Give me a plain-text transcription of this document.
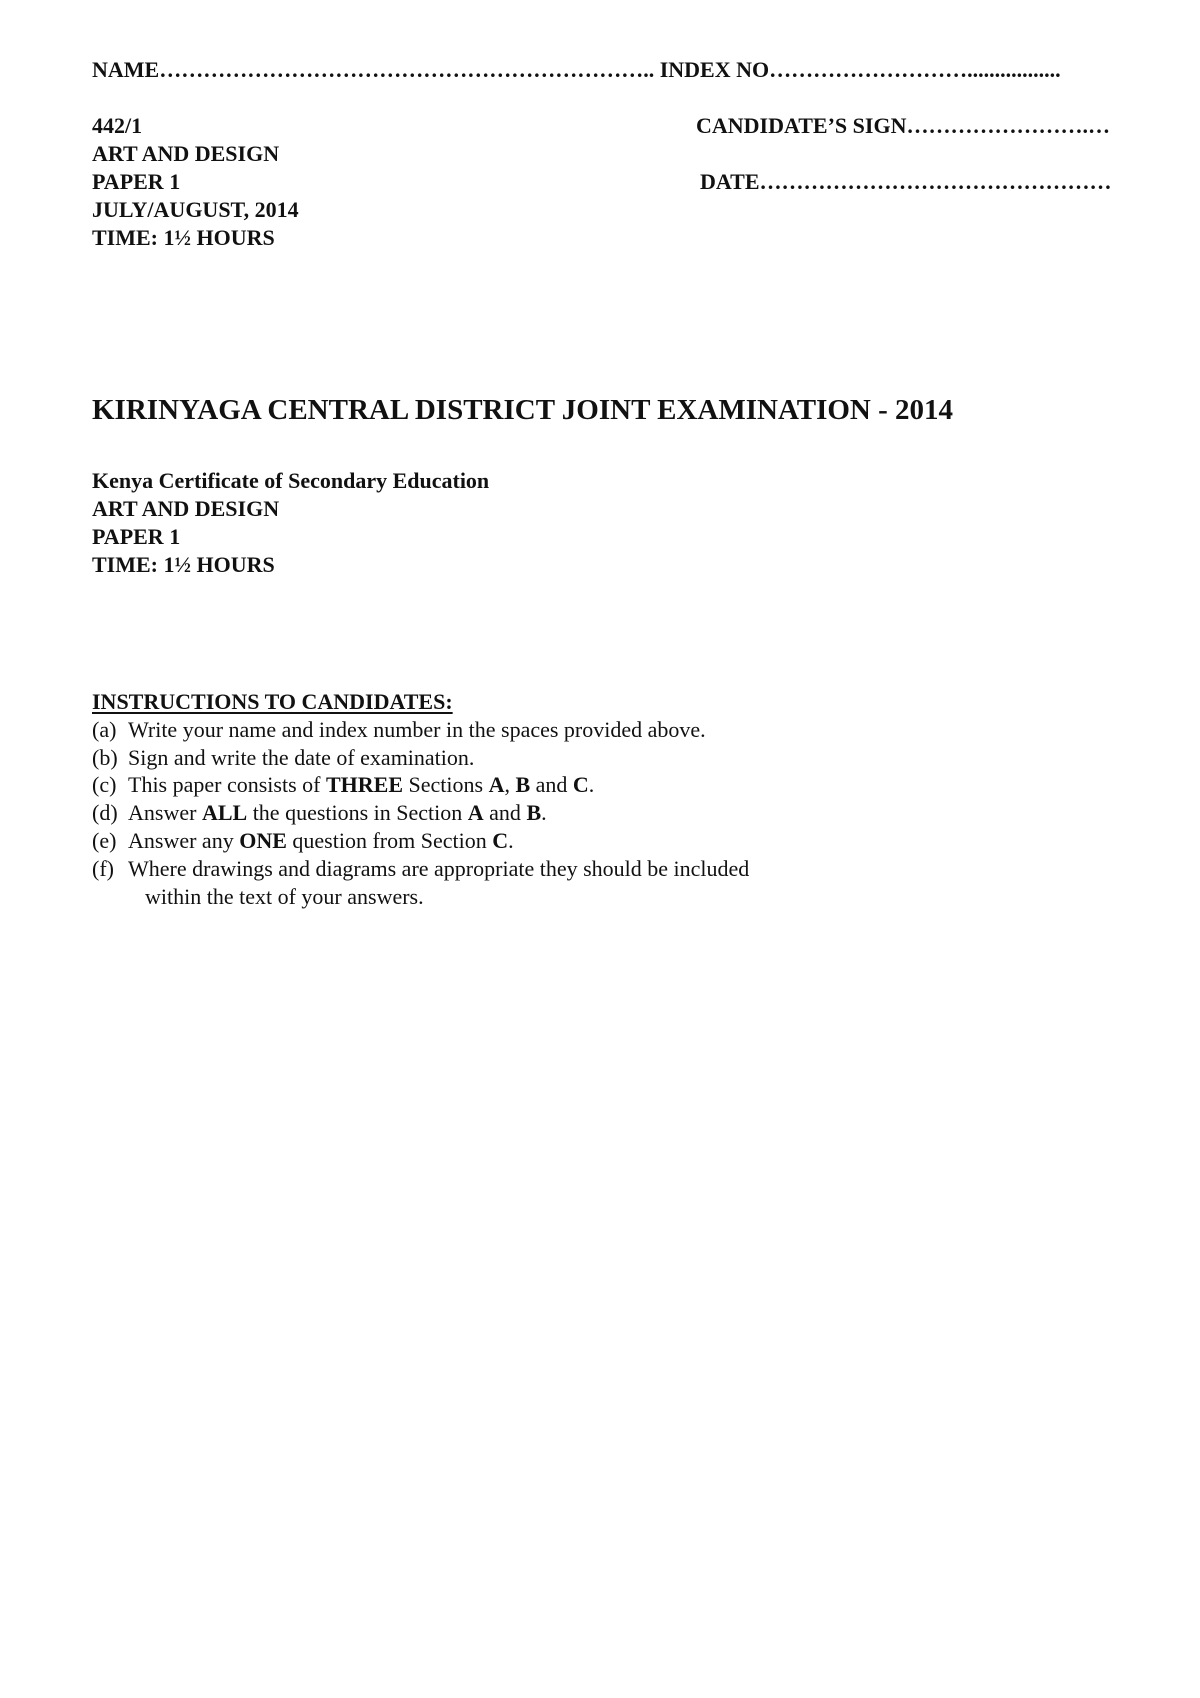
NAME………………………………………………………….. INDEX NO……………………….................
442/1
ART AND DESIGN
PAPER 1
JULY/AUGUST, 2014
TIME: 1½ HOURS
CANDIDATE’S SIGN…………………….…
DATE…………………………………………
KIRINYAGA CENTRAL DISTRICT JOINT EXAMINATION - 2014
Kenya Certificate of Secondary Education
ART AND DESIGN
PAPER 1
TIME: 1½ HOURS
INSTRUCTIONS TO CANDIDATES:
(a) Write your name and index number in the spaces provided above.
(b) Sign and write the date of examination.
(c) This paper consists of THREE Sections A, B and C.
(d) Answer ALL the questions in Section A and B.
(e) Answer any ONE question from Section C.
(f) Where drawings and diagrams are appropriate they should be included
within the text of your answers.
